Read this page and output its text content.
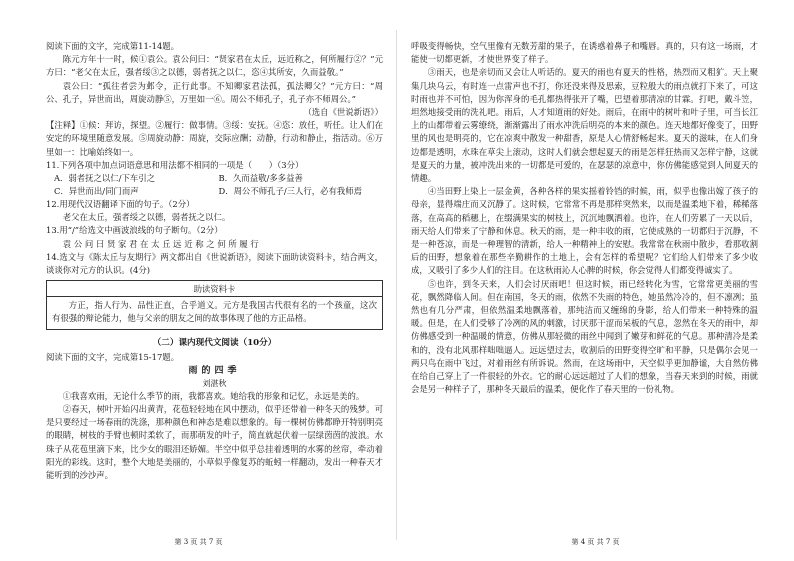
阅读下面的文字，完成第11-14题。

陈元方年十一时，候①袁公。袁公问曰：“贤家君在太丘，远近称之，何所履行②？”元方曰：“老父在太丘，强者绥③之以德，弱者抚之以仁，恣④其所安，久而益敬。”

袁公曰：“孤往者尝为邺令，正行此事。不知卿家君法孤，孤法卿父？”元方曰：“周公、孔子，异世而出，周旋动静⑤，万里如一⑥。周公不师孔子，孔子亦不师周公。”

（选自《世说新语》）

【注释】①候：拜访，探望。②履行：做事情。③绥：安抚。④恣：放任，听任。让人们在安定的环境里随意发展。⑤周旋动静：周旋，交际应酬；动静，行动和静止，指活动。⑥万里如一：比喻始终如一。

11.下列各项中加点词语意思和用法都不相同的一项是（　　）（3分）

A．弱者抚之以仁/下车引之	B．久而益敬/多多益善
C．异世而出/同门而声	D．周公不师孔子/三人行，必有我师焉

12.用现代汉语翻译下面的句子。（2分）

老父在太丘，强者绥之以德，弱者抚之以仁。

13.用“/”给选文中画波浪线的句子断句。（2分）

袁 公 问 曰 贤 家 君 在 太 丘 远 近 称 之 何 所 履 行

14.选文与《陈太丘与友期行》两文都出自《世说新语》，阅读下面助读资料卡，结合两文，谈谈你对元方的认识。(4分)

助读资料卡

方正，指人行为、品性正直，合乎道义。元方是我国古代很有名的一个孩童，这次有很强的辩论能力，他与父亲的朋友之间的故事体现了他的方正品格。

（二）课内现代文阅读（10分）

阅读下面的文字，完成第15-17题。

雨的四季
刘湛秋

①我喜欢雨，无论什么季节的雨，我都喜欢。她给我的形象和记忆，永远是美的。

②春天，树叶开始闪出黄青，花苞轻轻地在风中摆动，似乎还带着一种冬天的残梦。可是只要经过一场春雨的洗涤，那种颜色和神态是难以想象的。每一棵树仿佛都睁开特别明亮的眼睛，树枝的手臂也顿时柔软了，而那萌发的叶子，简直就起伏着一层绿茵茵的波浪。水珠子从花苞里滴下来，比少女的眼泪还娇媚。半空中似乎总挂着透明的水雾的丝帘，牵动着阳光的彩线。这时，整个大地是美丽的，小草似乎像复苏的蚯蚓一样翻动，发出一种春天才能听到的沙沙声。

第 3 页 共 7 页

呼吸变得畅快，空气里像有无数芳甜的果子，在诱惑着鼻子和嘴唇。真的，只有这一场雨，才能使一切都更新，才使世界变了样子。

③雨天，也是亲切而又会让人听话的。夏天的雨也有夏天的性格，热烈而又粗犷。天上聚集几块乌云，有时连一点雷声也不打，你还没来得及思索，豆粒般大的雨点就打下来了，可这时雨也并不可怕，因为你浑身的毛孔都热得张开了嘴，巴望着那清凉的甘霖。打吧，戴斗笠，坦然地接受雨的洗礼吧。雨后，人才知道雨的好处。雨后，在雨中的树叶和叶子里，可当长江上的山都带着云雾缭绕，渐渐露出了雨水冲洗后明亮的本来的颜色。连天地都好像变了，田野里的风也是明亮的，它在凉爽中散发一种甜香，原是人心情舒畅起来。夏天的滋味，在人们身边都是透明，水珠在草尖上滚动，这时人们就会想起夏天的雨是怎样狂热而又怎样宁静，这就是夏天的力量，被冲洗出来的一切都是可爱的，在瑟瑟的凉意中，你仿佛能感觉到人间夏天的情趣。

④当田野上染上一层金黄，各种各样的果实摇着铃铛的时候，雨，似乎也像出嫁了孩子的母亲，显得端庄而又沉静了。这时候，它常常不再是那样突然来，以而是温柔地下着，稀稀落落，在高高的稻穗上，在缀满果实的树枝上，沉沉地飘洒着。也许，在人们劳累了一天以后，雨天给人们带来了宁静和休息。秋天的雨，是一种丰收的雨，它使成熟的一切都归于沉静，不是一种苍凉，而是一种理智的清新，给人一种精神上的安慰。我常常在秋雨中散步，看那收割后的田野，想象着在那些辛勤耕作的土地上，会有怎样的希望呢？它们给人们带来了多少收成，又吸引了多少人们的注目。在这秋雨沁人心脾的时候，你会觉得人们都变得诚实了。

⑤也许，到冬天来，人们会讨厌雨吧！但这时候，雨已经转化为雪，它常常更美丽的雪花，飘然降临人间。但在南国，冬天的雨，依然不失雨的特色，她虽然冷冷的，但不凛冽；虽然也有几分严肃，但依然温柔地飘落着，那纯洁而又缠绵的身影，给人们带来一种特殊的温暖。但是，在人们受够了冷冽的风的刺激，讨厌那干涩而呆板的气息，忽然在冬天的雨中，却仿佛感受到一种温暖的情意，仿佛从那轻微的雨丝中闻到了嫩芽和鲜花的气息。那种清冷是柔和的，没有北风那样咄咄逼人。远远望过去，收割后的田野变得空旷和平静，只是偶尔会见一两只鸟在雨中飞过，对着雨丝有所诉说。然而，在这场雨中，天空似乎更加静谧，大自然仿佛在给自己穿上了一件很轻的外衣。它的耐心远远超过了人们的想象，当春天来到的时候，雨就会是另一种样子了，那种冬天最后的温柔，便化作了春天里的一份礼物。

第 4 页 共 7 页
